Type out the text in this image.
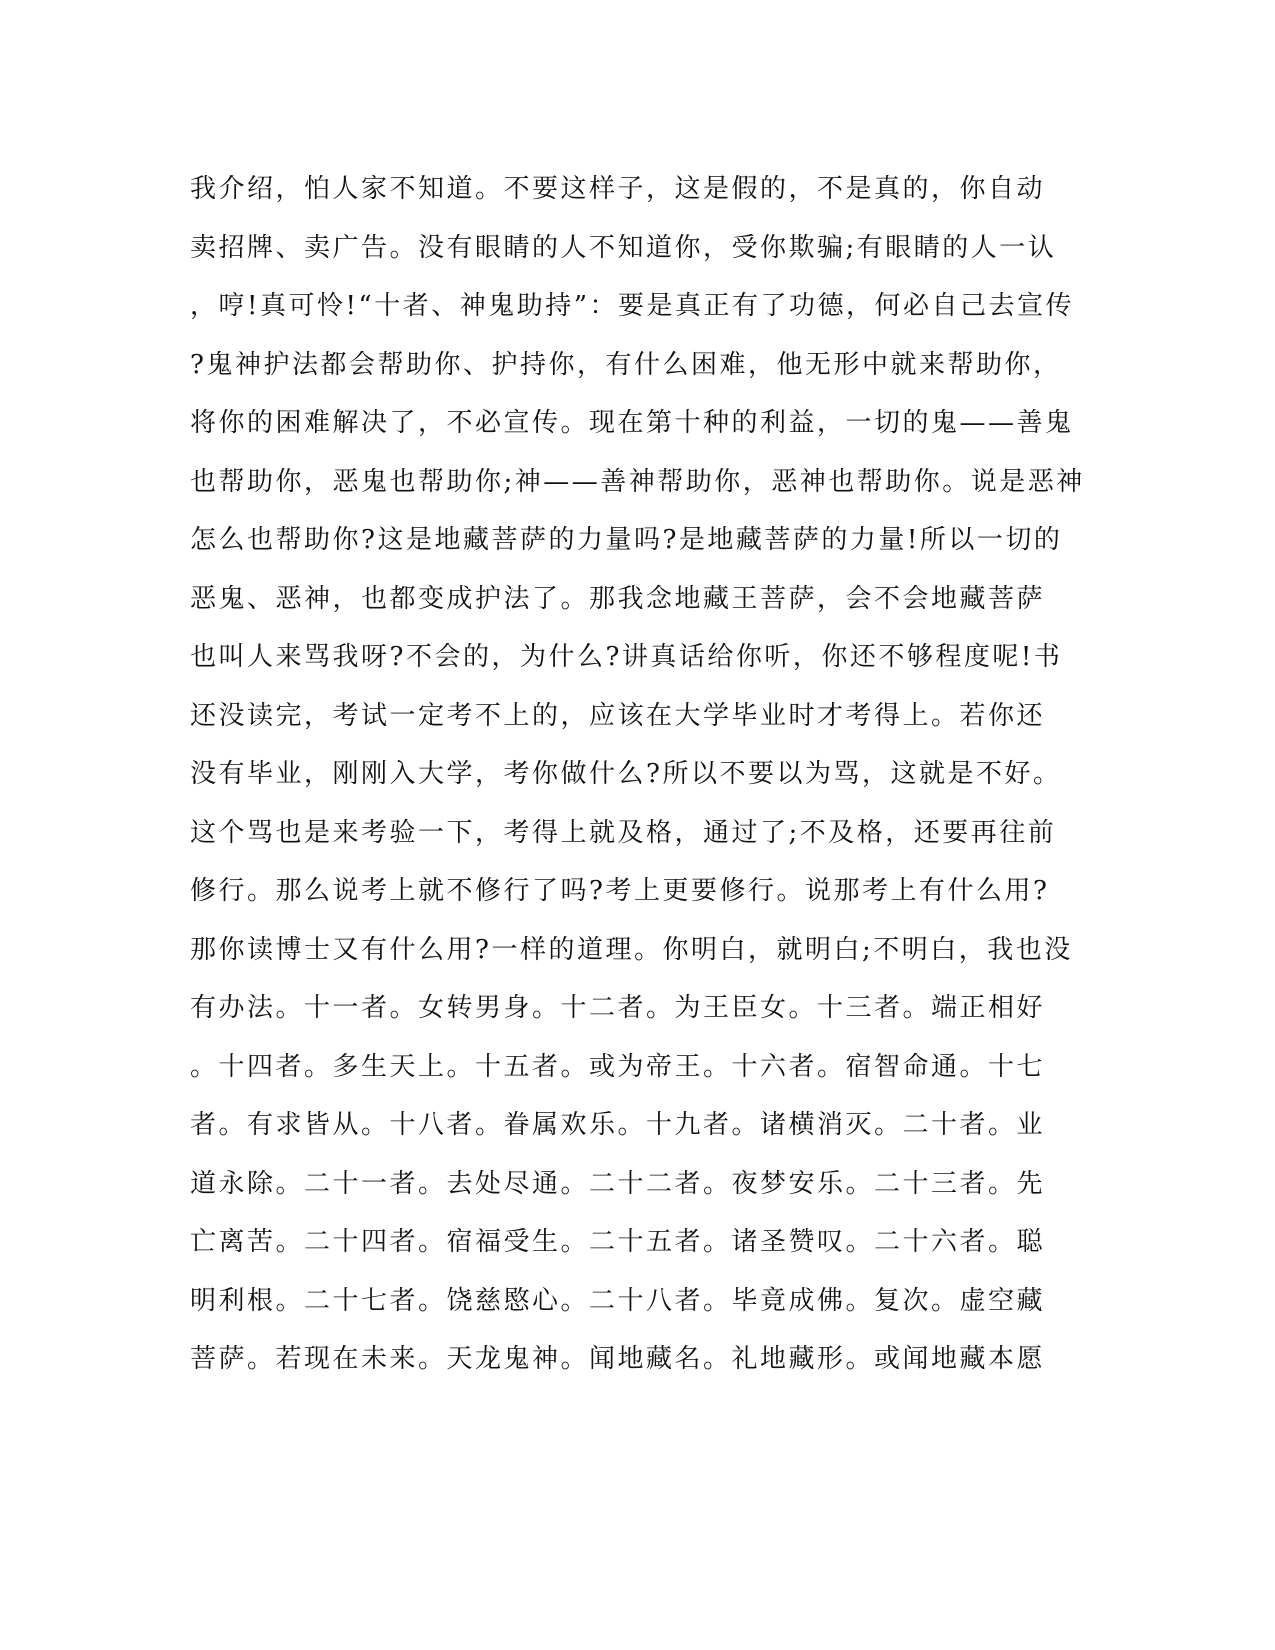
我介绍，怕人家不知道。不要这样子，这是假的，不是真的，你自动
卖招牌、卖广告。没有眼睛的人不知道你，受你欺骗;有眼睛的人一认
，哼!真可怜!“十者、神鬼助持”：要是真正有了功德，何必自己去宣传
?鬼神护法都会帮助你、护持你，有什么困难，他无形中就来帮助你，
将你的困难解决了，不必宣传。现在第十种的利益，一切的鬼——善鬼
也帮助你，恶鬼也帮助你;神——善神帮助你，恶神也帮助你。说是恶神
怎么也帮助你?这是地藏菩萨的力量吗?是地藏菩萨的力量!所以一切的
恶鬼、恶神，也都变成护法了。那我念地藏王菩萨，会不会地藏菩萨
也叫人来骂我呀?不会的，为什么?讲真话给你听，你还不够程度呢!书
还没读完，考试一定考不上的，应该在大学毕业时才考得上。若你还
没有毕业，刚刚入大学，考你做什么?所以不要以为骂，这就是不好。
这个骂也是来考验一下，考得上就及格，通过了;不及格，还要再往前
修行。那么说考上就不修行了吗?考上更要修行。说那考上有什么用?
那你读博士又有什么用?一样的道理。你明白，就明白;不明白，我也没
有办法。十一者。女转男身。十二者。为王臣女。十三者。端正相好
。十四者。多生天上。十五者。或为帝王。十六者。宿智命通。十七
者。有求皆从。十八者。眷属欢乐。十九者。诸横消灭。二十者。业
道永除。二十一者。去处尽通。二十二者。夜梦安乐。二十三者。先
亡离苦。二十四者。宿福受生。二十五者。诸圣赞叹。二十六者。聪
明利根。二十七者。饶慈愍心。二十八者。毕竟成佛。复次。虚空藏
菩萨。若现在未来。天龙鬼神。闻地藏名。礼地藏形。或闻地藏本愿
